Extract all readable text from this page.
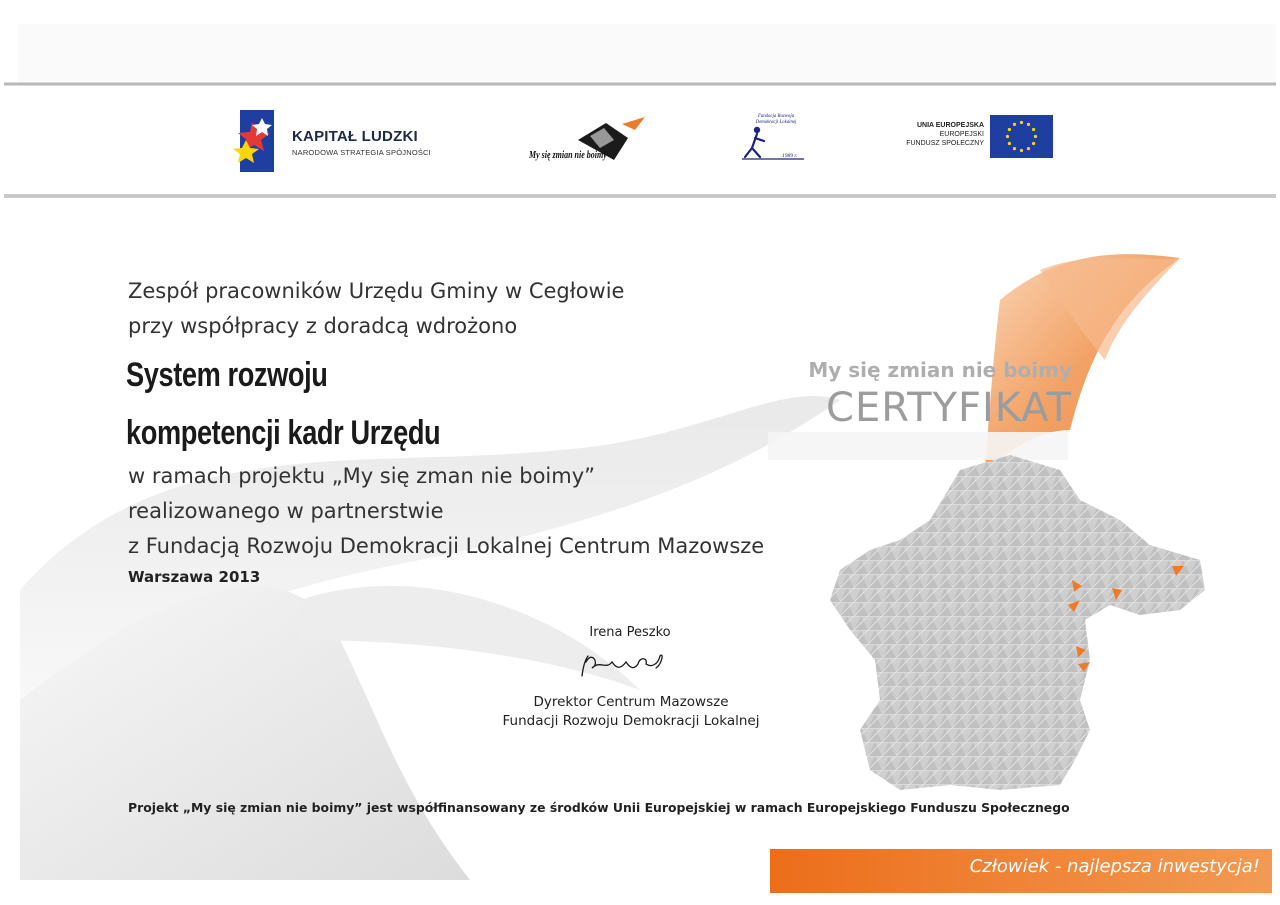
KAPITAŁ LUDZKI
NARODOWA STRATEGIA SPÓJNOŚCI	My się zmian nie boimy
Fundacja Rozwoju Demokracji Lokalnej
1989 r.
UNIA EUROPEJSKA
EUROPEJSKI
FUNDUSZ SPOŁECZNY
Zespół pracowników Urzędu Gminy w Cegłowie
przy współpracy z doradcą wdrożono
System rozwoju
kompetencji kadr Urzędu
w ramach projektu „My się zman nie boimy”
realizowanego w partnerstwie
z Fundacją Rozwoju Demokracji Lokalnej Centrum Mazowsze
Warszawa 2013
My się zmian nie boimy
CERTYFIKAT
Irena Peszko
Dyrektor Centrum Mazowsze
Fundacji Rozwoju Demokracji Lokalnej
Projekt „My się zmian nie boimy” jest współfinansowany ze środków Unii Europejskiej w ramach Europejskiego Funduszu Społecznego
Człowiek - najlepsza inwestycja!
